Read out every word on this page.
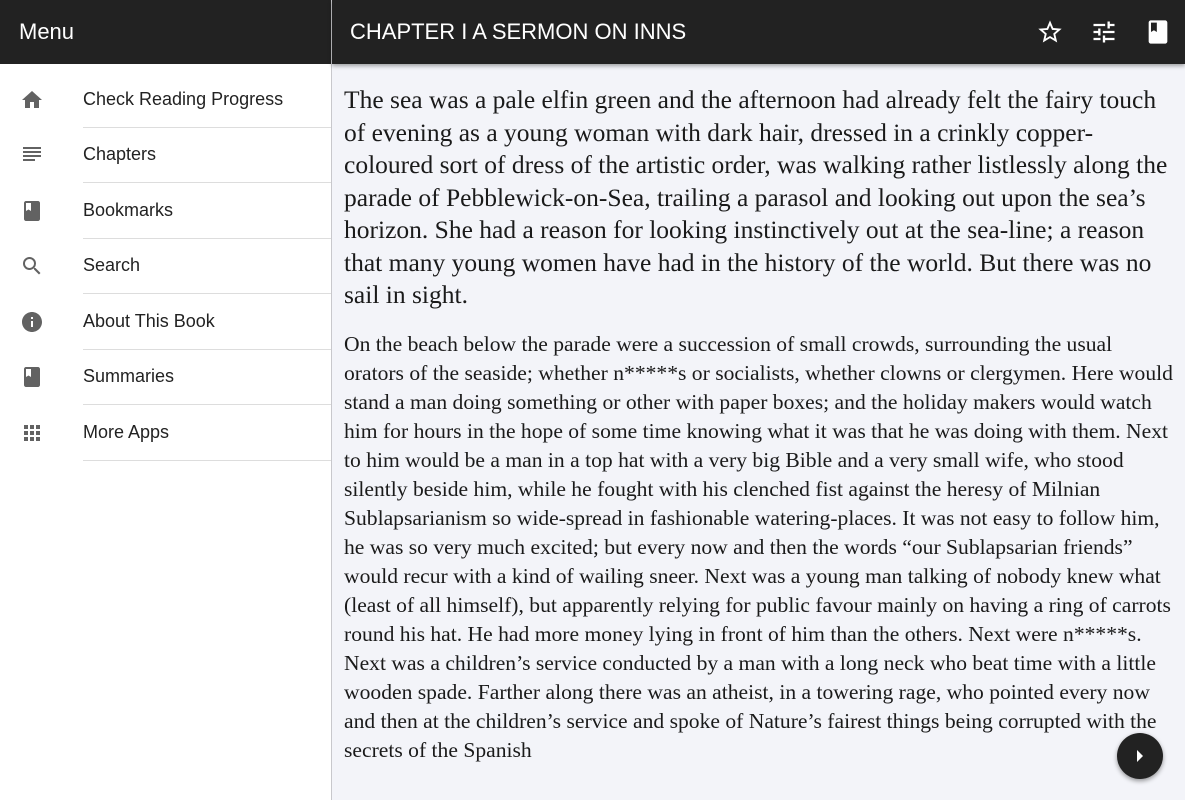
Menu
Check Reading Progress
Chapters
Bookmarks
Search
About This Book
Summaries
More Apps
CHAPTER I A SERMON ON INNS

The sea was a pale elfin green and the afternoon had already felt the fairy touch of evening as a young woman with dark hair, dressed in a crinkly copper-coloured sort of dress of the artistic order, was walking rather listlessly along the parade of Pebblewick-on-Sea, trailing a parasol and looking out upon the sea’s horizon. She had a reason for looking instinctively out at the sea-line; a reason that many young women have had in the history of the world. But there was no sail in sight.

On the beach below the parade were a succession of small crowds, surrounding the usual orators of the seaside; whether n*****s or socialists, whether clowns or clergymen. Here would stand a man doing something or other with paper boxes; and the holiday makers would watch him for hours in the hope of some time knowing what it was that he was doing with them. Next to him would be a man in a top hat with a very big Bible and a very small wife, who stood silently beside him, while he fought with his clenched fist against the heresy of Milnian Sublapsarianism so wide-spread in fashionable watering-places. It was not easy to follow him, he was so very much excited; but every now and then the words “our Sublapsarian friends” would recur with a kind of wailing sneer. Next was a young man talking of nobody knew what (least of all himself), but apparently relying for public favour mainly on having a ring of carrots round his hat. He had more money lying in front of him than the others. Next were n*****s. Next was a children’s service conducted by a man with a long neck who beat time with a little wooden spade. Farther along there was an atheist, in a towering rage, who pointed every now and then at the children’s service and spoke of Nature’s fairest things being corrupted with the secrets of the Spanish
